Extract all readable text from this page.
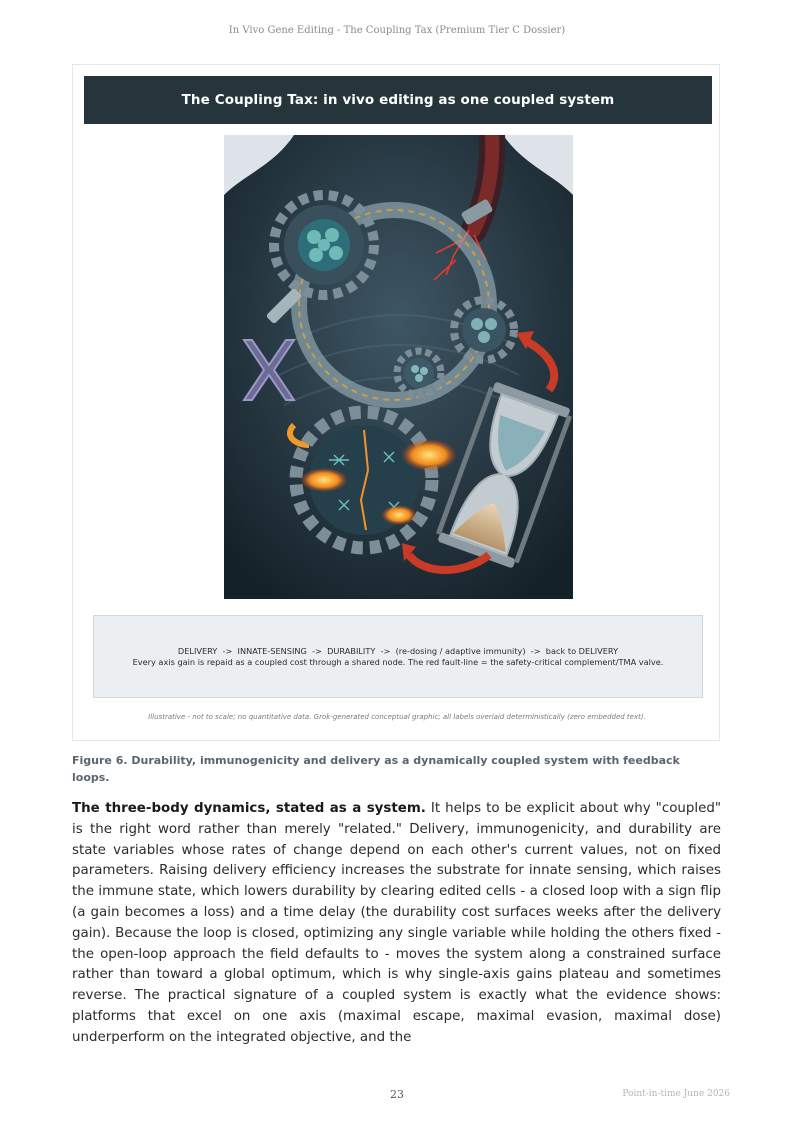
In Vivo Gene Editing - The Coupling Tax (Premium Tier C Dossier)
The Coupling Tax: in vivo editing as one coupled system
DELIVERY  ->  INNATE-SENSING  ->  DURABILITY  ->  (re-dosing / adaptive immunity)  ->  back to DELIVERY
Every axis gain is repaid as a coupled cost through a shared node. The red fault-line = the safety-critical complement/TMA valve.
Illustrative - not to scale; no quantitative data. Grok-generated conceptual graphic; all labels overlaid deterministically (zero embedded text).
Figure 6. Durability, immunogenicity and delivery as a dynamically coupled system with feedback loops.

The three-body dynamics, stated as a system. It helps to be explicit about why "coupled" is the right word rather than merely "related." Delivery, immunogenicity, and durability are state variables whose rates of change depend on each other's current values, not on fixed parameters. Raising delivery efficiency increases the substrate for innate sensing, which raises the immune state, which lowers durability by clearing edited cells - a closed loop with a sign flip (a gain becomes a loss) and a time delay (the durability cost surfaces weeks after the delivery gain). Because the loop is closed, optimizing any single variable while holding the others fixed - the open-loop approach the field defaults to - moves the system along a constrained surface rather than toward a global optimum, which is why single-axis gains plateau and sometimes reverse. The practical signature of a coupled system is exactly what the evidence shows: platforms that excel on one axis (maximal escape, maximal evasion, maximal dose) underperform on the integrated objective, and the

23	Point-in-time June 2026
